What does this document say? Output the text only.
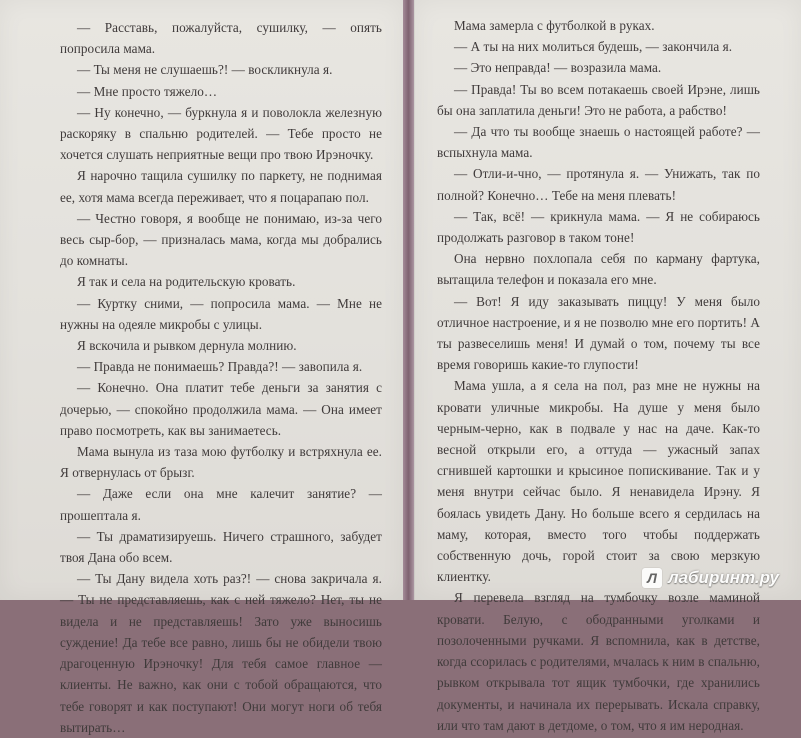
— Расставь, пожалуйста, сушилку, — опять попросила мама.

— Ты меня не слушаешь?! — воскликнула я.

— Мне просто тяжело…

— Ну конечно, — буркнула я и поволокла железную раскоряку в спальню родителей. — Тебе просто не хочется слушать неприятные вещи про твою Ирэночку.

Я нарочно тащила сушилку по паркету, не поднимая ее, хотя мама всегда переживает, что я поцарапаю пол.

— Честно говоря, я вообще не понимаю, из-за чего весь сыр-бор, — призналась мама, когда мы добрались до комнаты.

Я так и села на родительскую кровать.

— Куртку сними, — попросила мама. — Мне не нужны на одеяле микробы с улицы.

Я вскочила и рывком дернула молнию.

— Правда не понимаешь? Правда?! — завопила я.

— Конечно. Она платит тебе деньги за занятия с дочерью, — спокойно продолжила мама. — Она имеет право посмотреть, как вы занимаетесь.

Мама вынула из таза мою футболку и встряхнула ее. Я отвернулась от брызг.

— Даже если она мне калечит занятие? — прошептала я.

— Ты драматизируешь. Ничего страшного, забудет твоя Дана обо всем.

— Ты Дану видела хоть раз?! — снова закричала я. — Ты не представляешь, как с ней тяжело? Нет, ты не видела и не представляешь! Зато уже выносишь суждение! Да тебе все равно, лишь бы не обидели твою драгоценную Ирэночку! Для тебя самое главное — клиенты. Не важно, как они с тобой обращаются, что тебе говорят и как поступают! Они могут ноги об тебя вытирать…

Мама замерла с футболкой в руках.

— А ты на них молиться будешь, — закончила я.

— Это неправда! — возразила мама.

— Правда! Ты во всем потакаешь своей Ирэне, лишь бы она заплатила деньги! Это не работа, а рабство!

— Да что ты вообще знаешь о настоящей работе? — вспыхнула мама.

— Отли-и-чно, — протянула я. — Унижать, так по полной? Конечно… Тебе на меня плевать!

— Так, всё! — крикнула мама. — Я не собираюсь продолжать разговор в таком тоне!

Она нервно похлопала себя по карману фартука, вытащила телефон и показала его мне.

— Вот! Я иду заказывать пиццу! У меня было отличное настроение, и я не позволю мне его портить! А ты развеселишь меня! И думай о том, почему ты все время говоришь какие-то глупости!

Мама ушла, а я села на пол, раз мне не нужны на кровати уличные микробы. На душе у меня было черным-черно, как в подвале у нас на даче. Как-то весной открыли его, а оттуда — ужасный запах сгнившей картошки и крысиное попискивание. Так и у меня внутри сейчас было. Я ненавидела Ирэну. Я боялась увидеть Дану. Но больше всего я сердилась на маму, которая, вместо того чтобы поддержать собственную дочь, горой стоит за свою мерзкую клиентку.

Я перевела взгляд на тумбочку возле маминой кровати. Белую, с ободранными уголками и позолоченными ручками. Я вспомнила, как в детстве, когда ссорилась с родителями, мчалась к ним в спальню, рывком открывала тот ящик тумбочки, где хранились документы, и начинала их перерывать. Искала справку, или что там дают в детдоме, о том, что я им неродная.

Л лабиринт.ру
